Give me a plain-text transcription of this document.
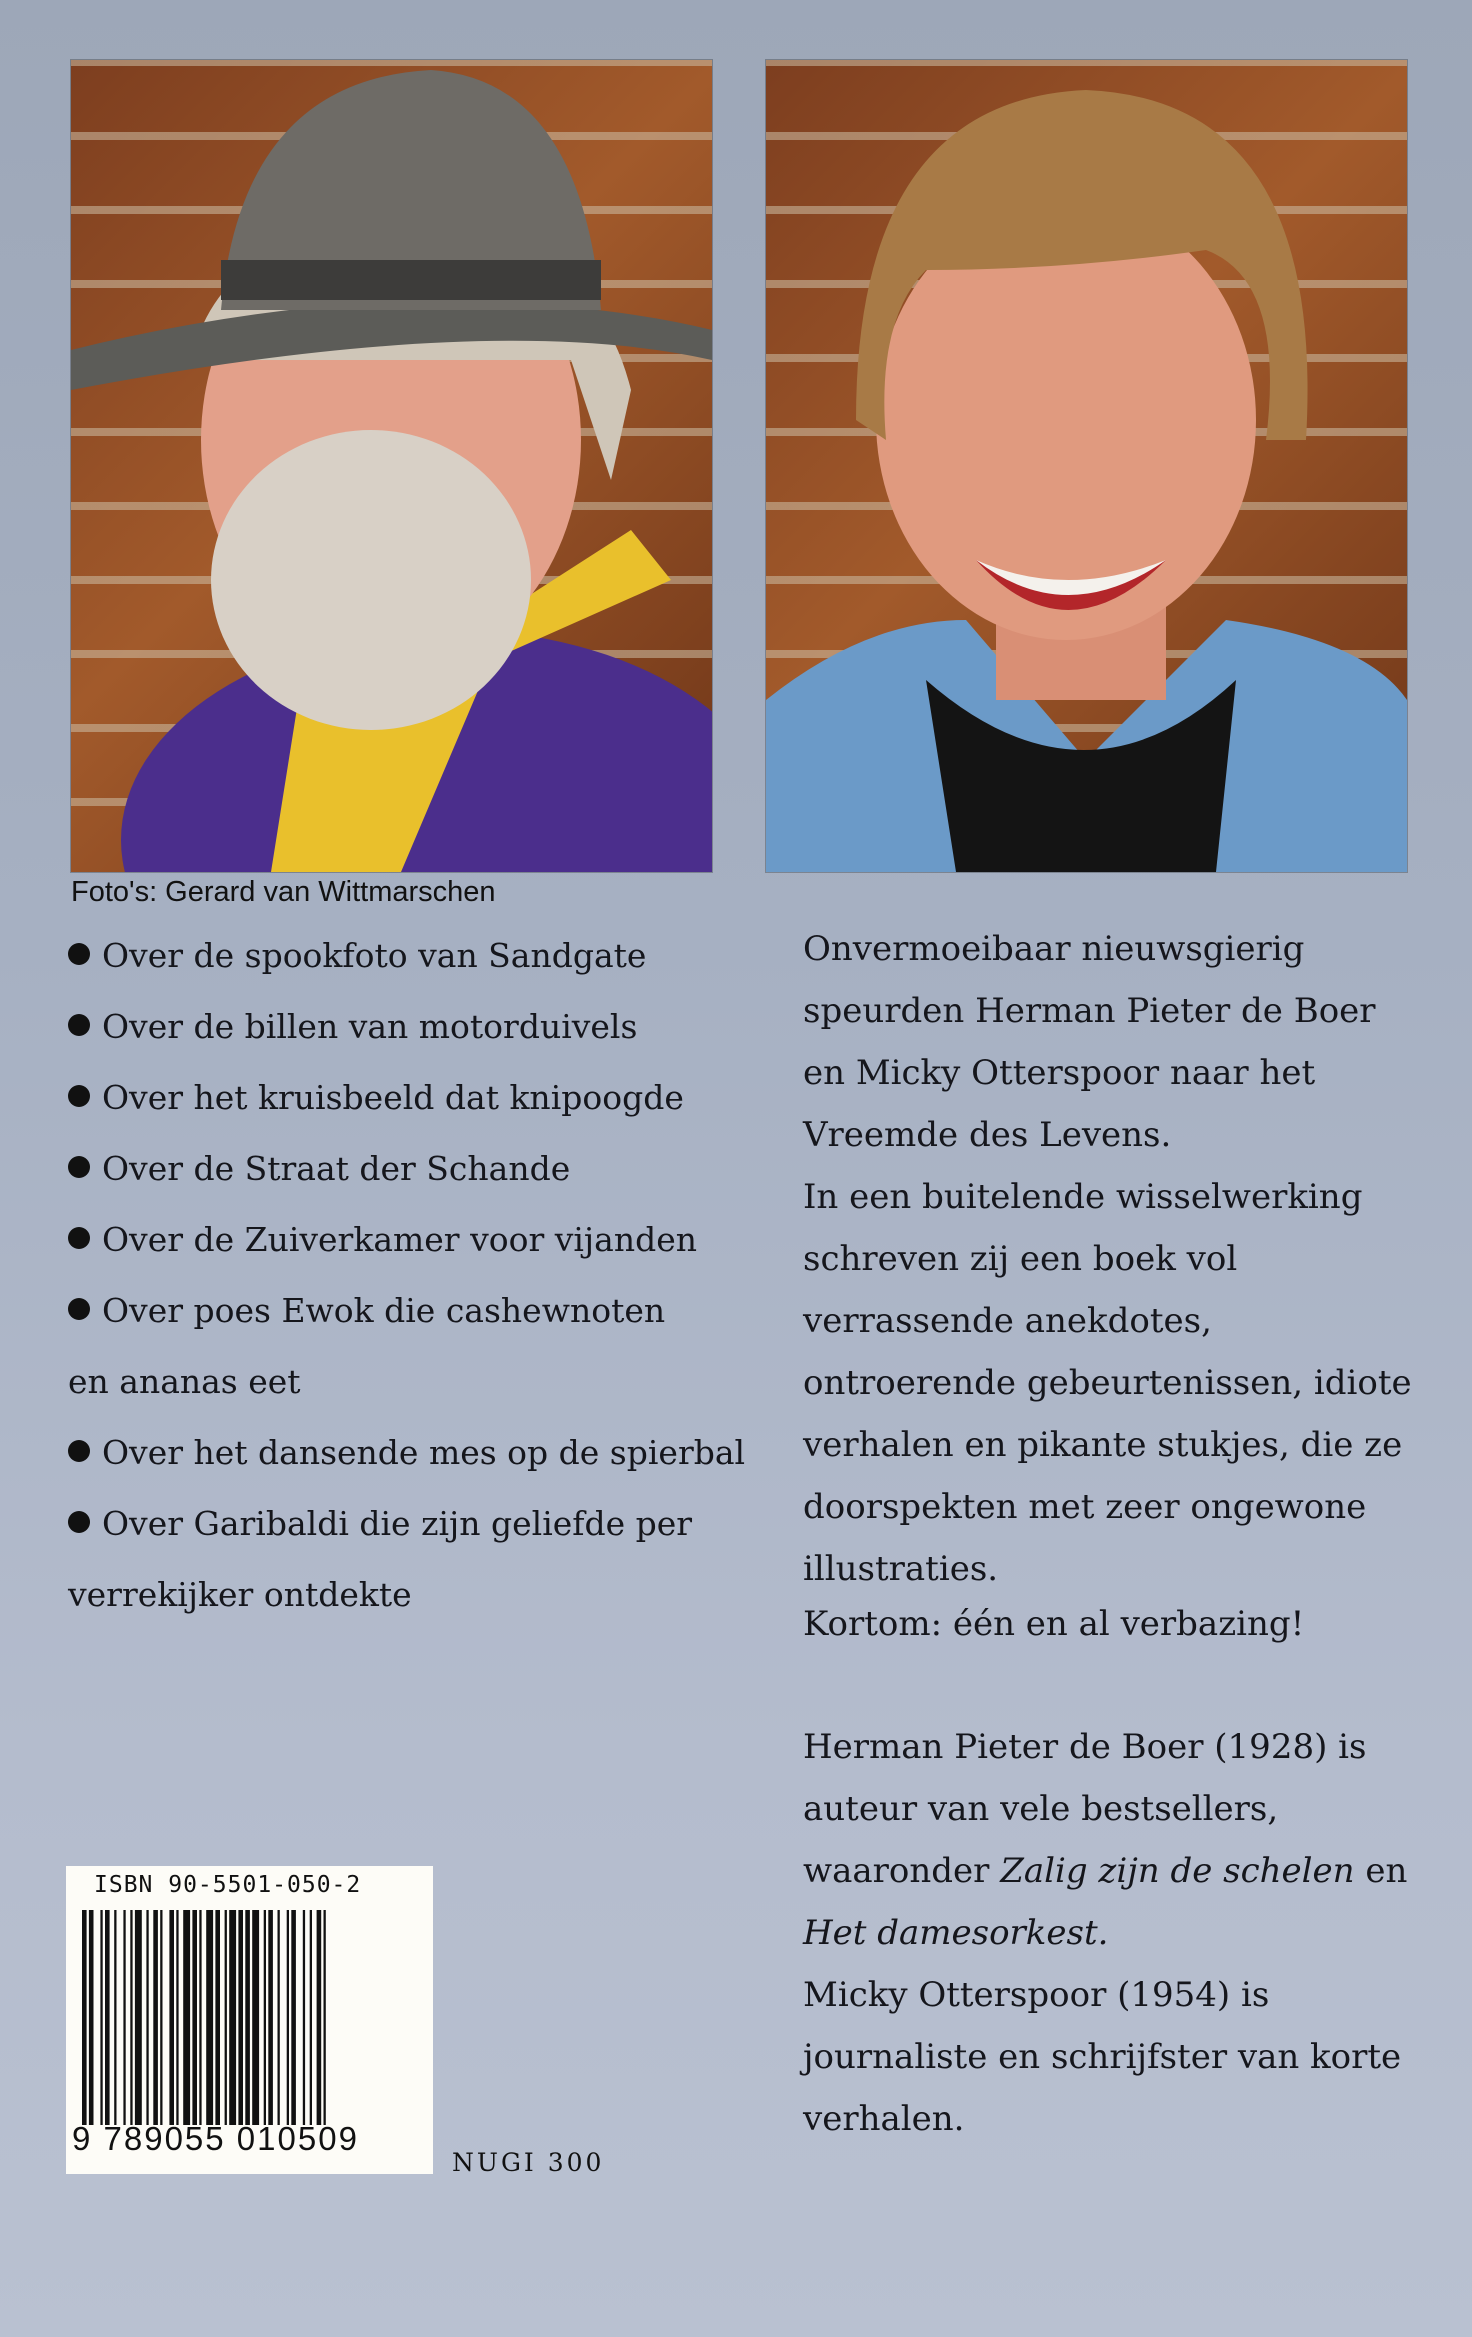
Foto's: Gerard van Wittmarschen
Over de spookfoto van Sandgate
Over de billen van motorduivels
Over het kruisbeeld dat knipoogde
Over de Straat der Schande
Over de Zuiverkamer voor vijanden
Over poes Ewok die cashewnoten en ananas eet
Over het dansende mes op de spierbal
Over Garibaldi die zijn geliefde per verrekijker ontdekte

Onvermoeibaar nieuwsgierig speurden Herman Pieter de Boer en Micky Otterspoor naar het Vreemde des Levens.

In een buitelende wisselwerking schreven zij een boek vol verrassende anekdotes, ontroerende gebeurtenissen, idiote verhalen en pikante stukjes, die ze doorspekten met zeer ongewone illustraties.

Kortom: één en al verbazing!

Herman Pieter de Boer (1928) is auteur van vele bestsellers, waaronder Zalig zijn de schelen en Het damesorkest.

Micky Otterspoor (1954) is journaliste en schrijfster van korte verhalen.

ISBN 90-5501-050-2
9 789055 010509
NUGI 300
